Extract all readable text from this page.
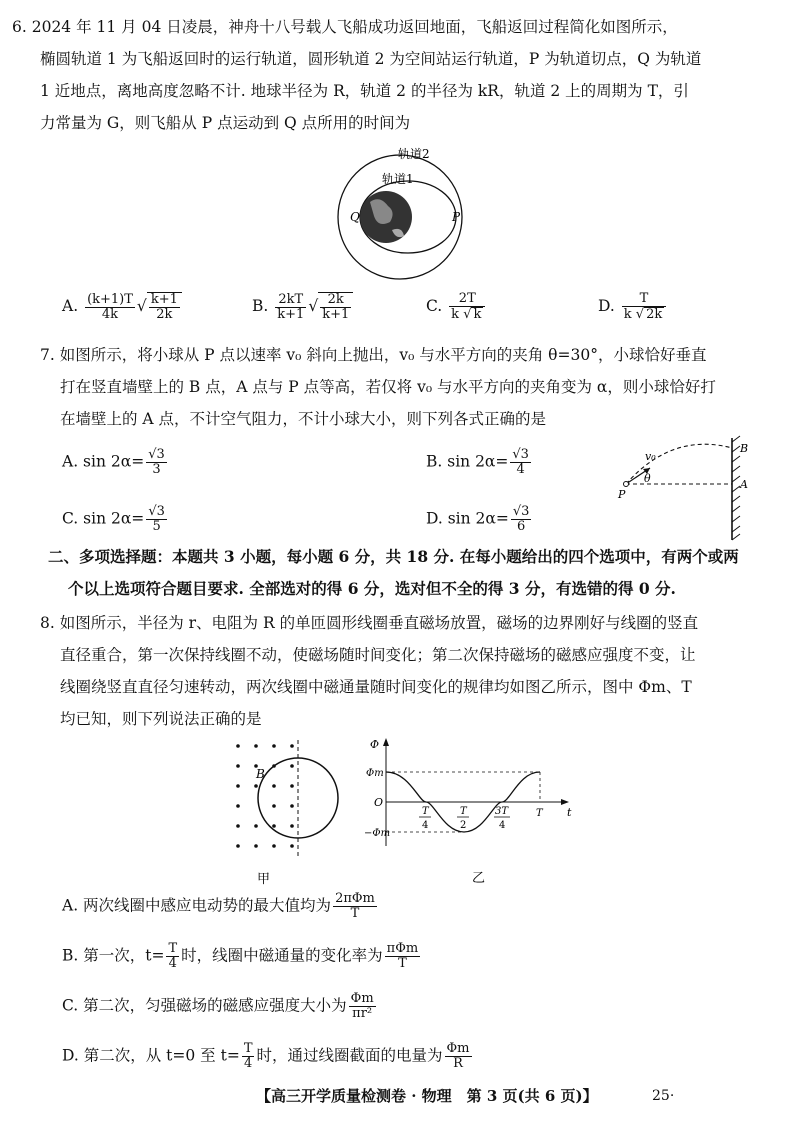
6. 2024 年 11 月 04 日凌晨，神舟十八号载人飞船成功返回地面，飞船返回过程简化如图所示，
椭圆轨道 1 为飞船返回时的运行轨道，圆形轨道 2 为空间站运行轨道，P 为轨道切点，Q 为轨道
1 近地点，离地高度忽略不计. 地球半径为 R，轨道 2 的半径为 kR，轨道 2 上的周期为 T，引
力常量为 G，则飞船从 P 点运动到 Q 点所用的时间为
轨道2
轨道1
Q	P
A. $\frac{(k+1)T}{4k}$ √ $\frac{k+1}{2k}$	B. $\frac{2kT}{k+1}$ √ $\frac{2k}{k+1}$	C. $\frac{2T}{k √ k}$	D. $\frac{T}{k √ 2k}$
7. 如图所示，将小球从 P 点以速率 v₀ 斜向上抛出，v₀ 与水平方向的夹角 θ=30°，小球恰好垂直
打在竖直墙壁上的 B 点，A 点与 P 点等高，若仅将 v₀ 与水平方向的夹角变为 α，则小球恰好打
在墙壁上的 A 点，不计空气阻力，不计小球大小，则下列各式正确的是
A. $\sin 2\alpha= \frac{√3}{3}$	B. $\sin 2\alpha= \frac{√3}{4}$
C. $\sin 2\alpha= \frac{√3}{5}$	D. $\sin 2\alpha= \frac{√3}{6}$
v₀
θ
P
A
B
二、多项选择题：本题共 3 小题，每小题 6 分，共 18 分. 在每小题给出的四个选项中，有两个或两
个以上选项符合题目要求. 全部选对的得 6 分，选对但不全的得 3 分，有选错的得 0 分.
8. 如图所示，半径为 r、电阻为 R 的单匝圆形线圈垂直磁场放置，磁场的边界刚好与线圈的竖直
直径重合，第一次保持线圈不动，使磁场随时间变化；第二次保持磁场的磁感应强度不变，让
线圈绕竖直直径匀速转动，两次线圈中磁通量随时间变化的规律均如图乙所示，图中 Φm、T
均已知，则下列说法正确的是
B
甲
Φ
Φm
−Φm
O
t
T
4
T
2
3T
4
T
乙
A. 两次线圈中感应电动势的最大值均为 $\frac{\text{2πΦm}}{T}$
B. 第一次，$t= \frac{T}{4}$ 时，线圈中磁通量的变化率为 $\frac{\text{πΦm}}{T}$
C. 第二次，匀强磁场的磁感应强度大小为 $\frac{\Phi m}{\text{πr²}}$
D. 第二次，从 t=0 至 $t= \frac{T}{4}$ 时，通过线圈截面的电量为 $\frac{\Phi m}{R}$
【高三开学质量检测卷 · 物理　第 3 页(共 6 页)】	25·
